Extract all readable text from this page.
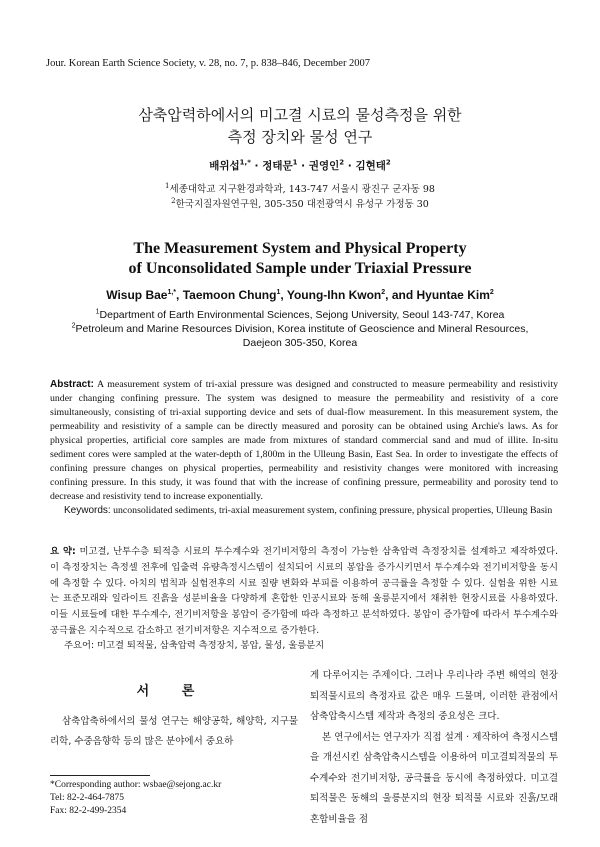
Jour. Korean Earth Science Society, v. 28, no. 7, p. 838–846, December 2007
삼축압력하에서의 미고결 시료의 물성측정을 위한
측정 장치와 물성 연구
배위섭$^{1,*}$ · 정태문$^1$ · 권영인$^2$ · 김현태$^2$
$^1$세종대학교 지구환경과학과, 143-747 서울시 광진구 군자동 98
$^2$한국지질자원연구원, 305-350 대전광역시 유성구 가정동 30
The Measurement System and Physical Property
of Unconsolidated Sample under Triaxial Pressure
Wisup Bae$^{1,*}$, Taemoon Chung$^1$, Young-Ihn Kwon$^2$, and Hyuntae Kim$^2$
$^1$Department of Earth Environmental Sciences, Sejong University, Seoul 143-747, Korea
$^2$Petroleum and Marine Resources Division, Korea institute of Geoscience and Mineral Resources,
Daejeon 305-350, Korea
Abstract: A measurement system of tri-axial pressure was designed and constructed to measure permeability and resistivity under changing confining pressure. The system was designed to measure the permeability and resistivity of a core simultaneously, consisting of tri-axial supporting device and sets of dual-flow measurement. In this measurement system, the permeability and resistivity of a sample can be directly measured and porosity can be obtained using Archie's laws. As for physical properties, artificial core samples are made from mixtures of standard commercial sand and mud of illite. In-situ sediment cores were sampled at the water-depth of 1,800m in the Ulleung Basin, East Sea. In order to investigate the effects of confining pressure changes on physical properties, permeability and resistivity changes were monitored with increasing confining pressure. In this study, it was found that with the increase of confining pressure, permeability and porosity tend to decrease and resistivity tend to increase exponentially.
Keywords: unconsolidated sediments, tri-axial measurement system, confining pressure, physical properties, Ulleung Basin
요 약: 미고결, 난투수층 퇴적층 시료의 투수계수와 전기비저항의 측정이 가능한 삼축압력 측정장치를 설계하고 제작하였다. 이 측정장치는 측정셀 전후에 입출력 유량측정시스템이 설치되어 시료의 봉압을 증가시키면서 투수계수와 전기비저항을 동시에 측정할 수 있다. 아치의 법칙과 실험전후의 시료 질량 변화와 부피를 이용하여 공극률을 측정할 수 있다. 실험을 위한 시료는 표준모래와 일라이트 진흙을 성분비율을 다양하게 혼합한 인공시료와 동해 울릉분지에서 채취한 현장시료를 사용하였다. 이들 시료들에 대한 투수계수, 전기비저항을 봉압이 증가함에 따라 측정하고 분석하였다. 봉압이 증가함에 따라서 투수계수와 공극률은 지수적으로 감소하고 전기비저항은 지수적으로 증가한다.
주요어: 미고결 퇴적물, 삼축압력 측정장치, 봉압, 물성, 울릉분지
서 론
삼축압축하에서의 물성 연구는 해양공학, 해양학, 지구물리학, 수중음향학 등의 많은 분야에서 중요하
*Corresponding author: wsbae@sejong.ac.kr
Tel: 82-2-464-7875
Fax: 82-2-499-2354

게 다루어지는 주제이다. 그러나 우리나라 주변 해역의 현장 퇴적물시료의 측정자료 값은 매우 드물며, 이러한 관점에서 삼축압축시스템 제작과 측정의 중요성은 크다.

본 연구에서는 연구자가 직접 설계 · 제작하여 측정시스템을 개선시킨 삼축압축시스템을 이용하여 미고결퇴적물의 투수계수와 전기비저항, 공극률을 동시에 측정하였다. 미고결퇴적물은 동해의 울릉분지의 현장 퇴적물 시료와 진흙/모래 혼합비율을 점
